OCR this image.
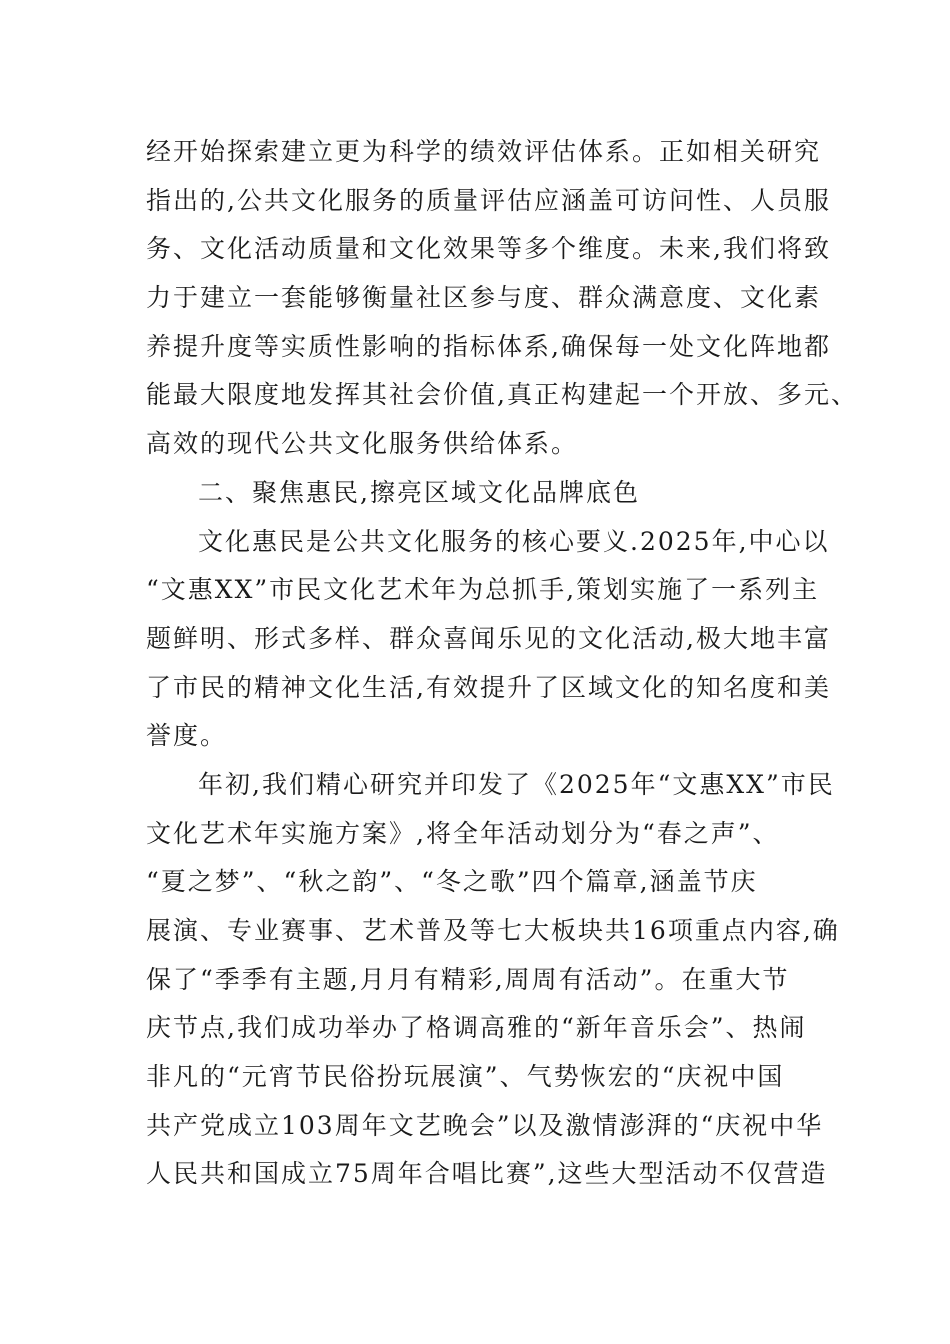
经开始探索建立更为科学的绩效评估体系。正如相关研究
指出的,公共文化服务的质量评估应涵盖可访问性、人员服
务、文化活动质量和文化效果等多个维度。未来,我们将致
力于建立一套能够衡量社区参与度、群众满意度、文化素
养提升度等实质性影响的指标体系,确保每一处文化阵地都
能最大限度地发挥其社会价值,真正构建起一个开放、多元、
高效的现代公共文化服务供给体系。
二、聚焦惠民,擦亮区域文化品牌底色
文化惠民是公共文化服务的核心要义.2025年,中心以
“文惠XX”市民文化艺术年为总抓手,策划实施了一系列主
题鲜明、形式多样、群众喜闻乐见的文化活动,极大地丰富
了市民的精神文化生活,有效提升了区域文化的知名度和美
誉度。
年初,我们精心研究并印发了《2025年“文惠XX”市民
文化艺术年实施方案》,将全年活动划分为“春之声”、
“夏之梦”、“秋之韵”、“冬之歌”四个篇章,涵盖节庆
展演、专业赛事、艺术普及等七大板块共16项重点内容,确
保了“季季有主题,月月有精彩,周周有活动”。在重大节
庆节点,我们成功举办了格调高雅的“新年音乐会”、热闹
非凡的“元宵节民俗扮玩展演”、气势恢宏的“庆祝中国
共产党成立103周年文艺晚会”以及激情澎湃的“庆祝中华
人民共和国成立75周年合唱比赛”,这些大型活动不仅营造
